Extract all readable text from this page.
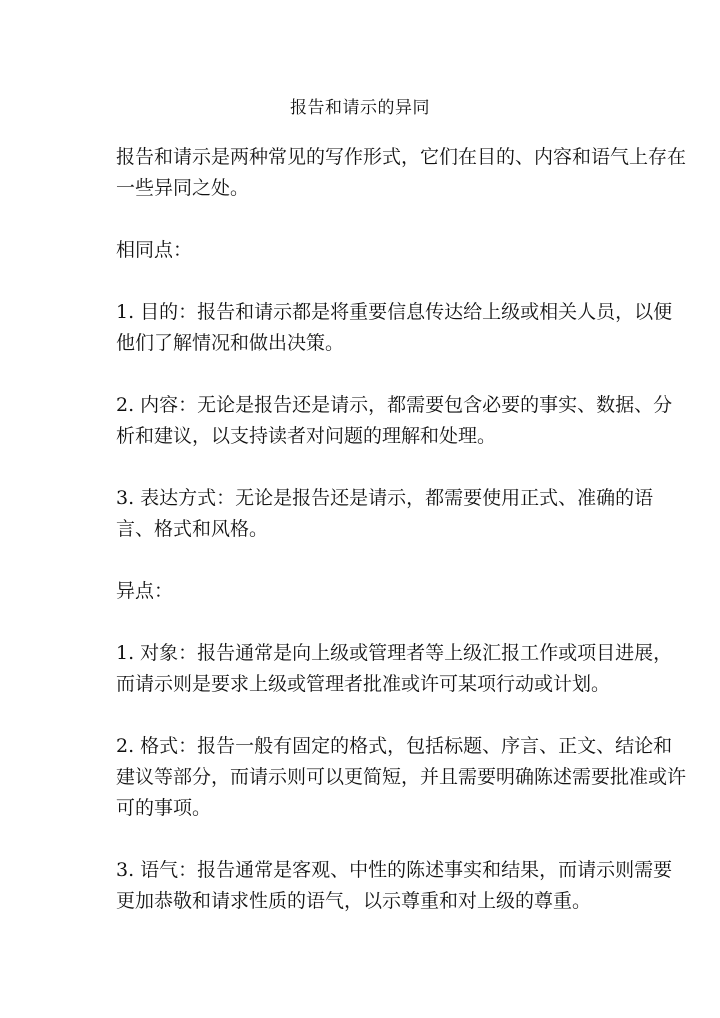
报告和请示的异同

报告和请示是两种常见的写作形式，它们在目的、内容和语气上存在一些异同之处。

相同点：

1. 目的：报告和请示都是将重要信息传达给上级或相关人员，以便他们了解情况和做出决策。

2. 内容：无论是报告还是请示，都需要包含必要的事实、数据、分析和建议，以支持读者对问题的理解和处理。

3. 表达方式：无论是报告还是请示，都需要使用正式、准确的语言、格式和风格。

异点：

1. 对象：报告通常是向上级或管理者等上级汇报工作或项目进展，而请示则是要求上级或管理者批准或许可某项行动或计划。

2. 格式：报告一般有固定的格式，包括标题、序言、正文、结论和建议等部分，而请示则可以更简短，并且需要明确陈述需要批准或许可的事项。

3. 语气：报告通常是客观、中性的陈述事实和结果，而请示则需要更加恭敬和请求性质的语气，以示尊重和对上级的尊重。
